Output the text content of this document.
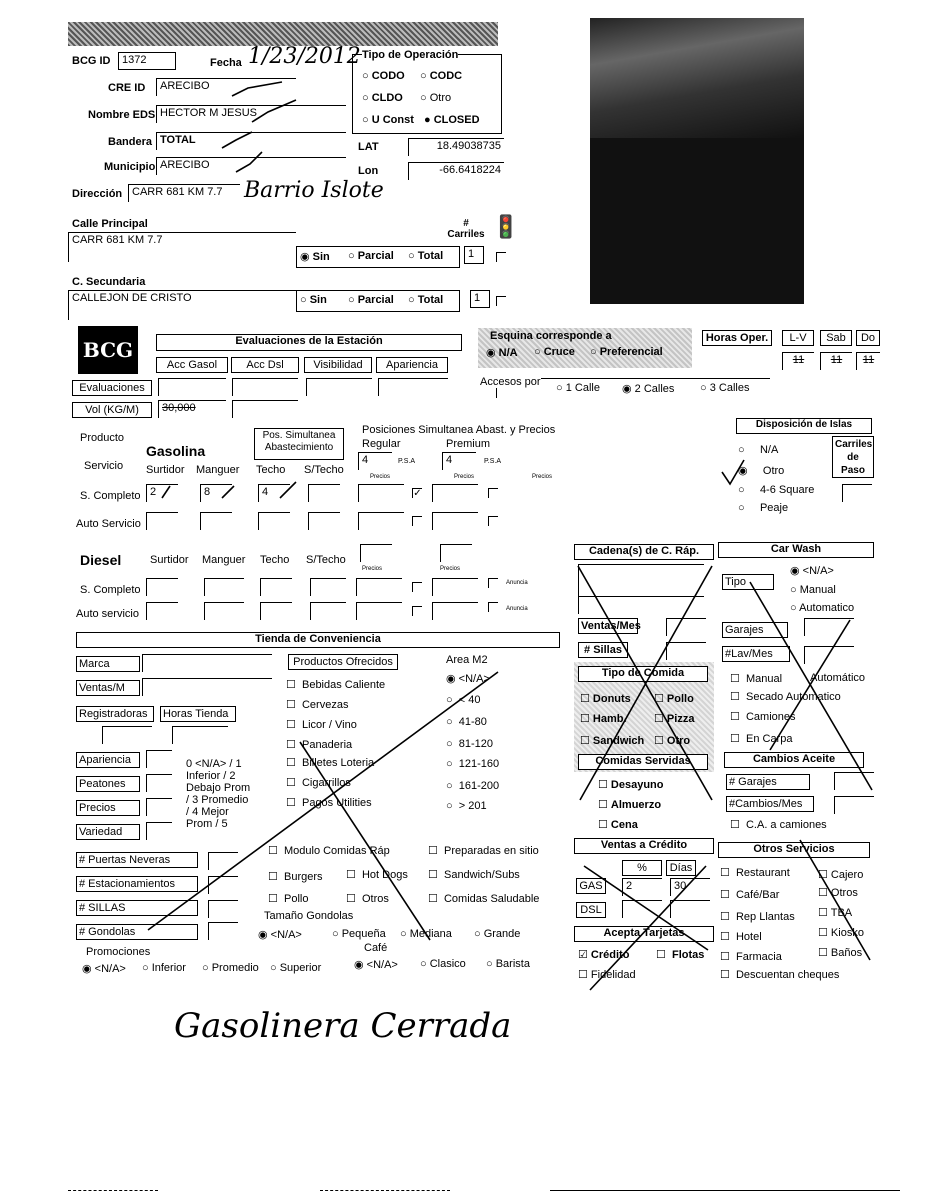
BCG ID	1372	Fecha 1/23/2012 Tipo de Operación
○ CODO ○ CODC
○ CLDO ○ Otro
○ U Const ● CLOSED
CRE ID	ARECIBO
Nombre EDS HECTOR M JESUS
Bandera TOTAL
Municipio ARECIBO
LAT	18.49038735
Lon	-66.6418224
Dirección CARR 681 KM 7.7 Barrio Islote
Calle Principal
CARR 681 KM 7.7
# Carriles 🚦
◉ Sin ○ Parcial ○ Total	1
C. Secundaria
CALLEJON DE CRISTO	○ Sin ○ Parcial ○ Total	1
BCG	Evaluaciones de la Estación
Acc Gasol	Acc Dsl	Visibilidad	Apariencia
Evaluaciones
Vol (KG/M)	30,000
Esquina corresponde a
◉ N/A ○ Cruce ○ Preferencial
Accesos por ○ 1 Calle ◉ 2 Calles ○ 3 Calles
Horas Oper.	L-V	Sab	Do
11	11	11
Producto
Servicio
Gasolina
Pos. Simultanea Abastecimiento
Posiciones Simultanea Abast. y Precios
Regular	Premium
4	P.S.A	4	P.S.A
Precios	Precios	Precios
Surtidor Manguer Techo S/Techo
S. Completo 2	8	4	✓
Auto Servicio
Diesel	Surtidor Manguer Techo S/Techo
Precios	Precios
S. Completo
Anuncia
Auto servicio	Anuncia
Disposición de Islas
○     N/A
◉     Otro
○     4-6 Square
○     Peaje
Carriles de Paso
Cadena(s) de C. Ráp.
Ventas/Mes
# Sillas
Tipo de Comida
☐ Donuts ☐ Pollo
☐ Hamb. ☐ Pizza
☐ Sandwich ☐ Otro
Comidas Servidas
☐ Desayuno
☐ Almuerzo
☐ Cena
Car Wash
Tipo
◉ <N/A>
○ Manual
○ Automatico
Garajes
#Lav/Mes
☐  Manual	Automático
☐  Secado Automatico
☐  Camiones
☐  En Carpa
Cambios Aceite
# Garajes
#Cambios/Mes
☐  C.A. a camiones
Tienda de Conveniencia
Marca
Ventas/M
Registradoras	Horas Tienda
Apariencia
Peatones
Precios
Variedad
0 <N/A> / 1
Inferior / 2
Debajo Prom
/ 3 Promedio
/ 4 Mejor
Prom / 5
Productos Ofrecidos
☐  Bebidas Caliente
☐  Cervezas
☐  Licor / Vino
☐  Panaderia
☐  Billetes Loteria
☐  Cigarrillos
☐  Pagos Utilities
Area M2
◉ <N/A>
○  < 40
○  41-80
○  81-120
○  121-160
○  161-200
○  > 201
# Puertas Neveras
# Estacionamientos
# SILLAS
# Gondolas
☐  Modulo Comidas Ráp	☐  Preparadas en sitio
☐  Burgers ☐  Hot Dogs ☐  Sandwich/Subs
☐  Pollo	☐  Otros	☐  Comidas Saludable
Tamaño Gondolas
◉ <N/A>	○ Pequeña ○ Mediana ○ Grande
Promociones
◉ <N/A> ○ Inferior ○ Promedio ○ Superior
Café
◉ <N/A> ○ Clasico ○ Barista
Ventas a Crédito
%	Días
GAS	2	30
DSL
Acepta Tarjetas
☑ Crédito ☐  Flotas
☐ Fidelidad
Otros Servicios
☐  Restaurant	☐ Cajero
☐  Café/Bar	☐ Otros
☐  Rep Llantas ☐ TBA
☐  Hotel	☐ Kiosko
☐  Farmacia	☐ Baños
☐  Descuentan cheques
Gasolinera Cerrada
